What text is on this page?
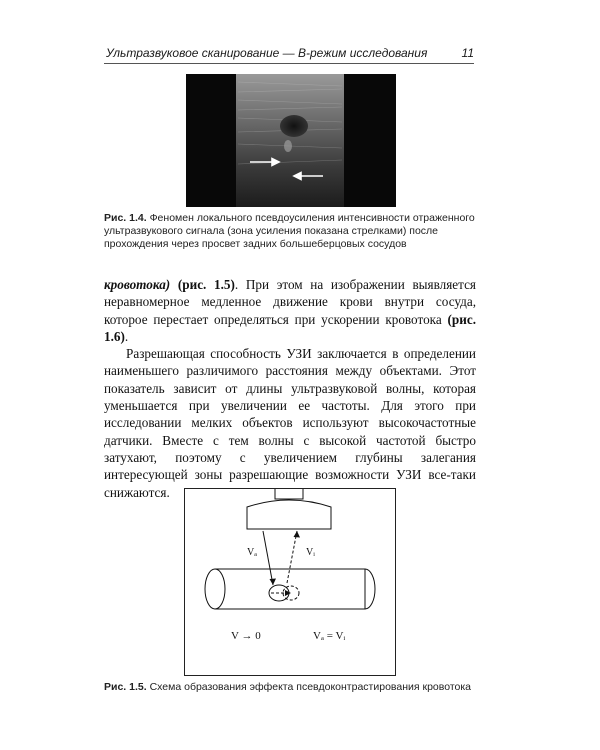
Ультразвуковое сканирование — В-режим исследования	11
Рис. 1.4. Феномен локального псевдоусиления интенсивности отраженного ультразвукового сигнала (зона усиления показана стрелками) после прохождения через просвет задних большеберцовых сосудов

кровотока) (рис. 1.5). При этом на изображении выявляется неравномерное медленное движение крови внутри сосуда, которое перестает определяться при ускорении кровотока (рис. 1.6).

Разрешающая способность УЗИ заключается в определении наименьшего различимого расстояния между объектами. Этот показатель зависит от длины ультразвуковой волны, которая уменьшается при увеличении ее частоты. Для этого при исследовании мелких объектов используют высокочастотные датчики. Вместе с тем волны с высокой частотой быстро затухают, поэтому с увеличением глубины залегания интересующей зоны разрешающие возможности УЗИ все-таки снижаются.

Vₐ	Vᵢ
V → 0	Vₐ = Vᵢ
Рис. 1.5. Схема образования эффекта псевдоконтрастирования кровотока
